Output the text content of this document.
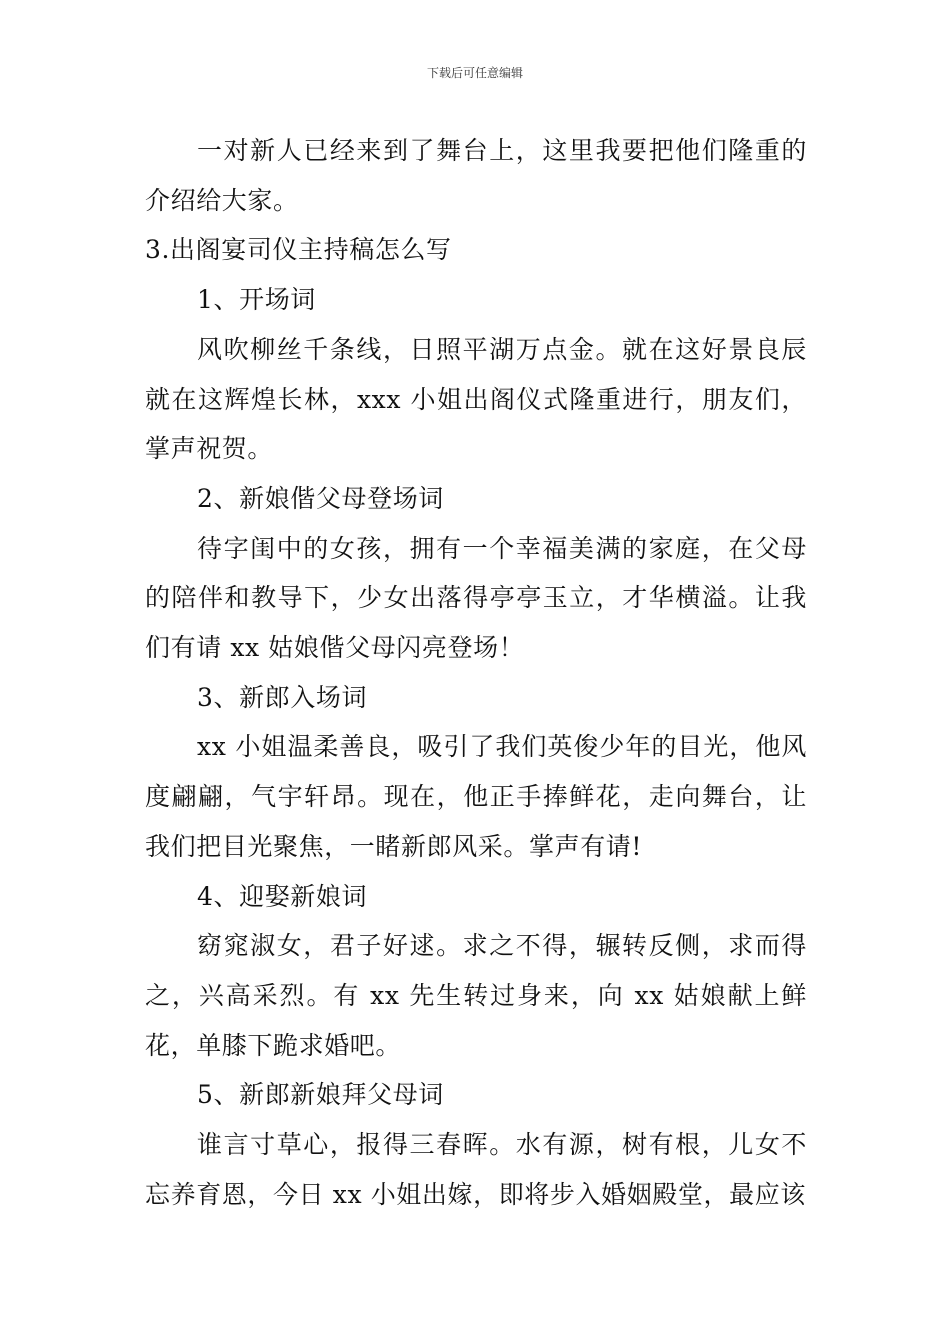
下载后可任意编辑

一对新人已经来到了舞台上，这里我要把他们隆重的介绍给大家。

3.出阁宴司仪主持稿怎么写

1、开场词

风吹柳丝千条线，日照平湖万点金。就在这好景良辰就在这辉煌长林，xxx 小姐出阁仪式隆重进行，朋友们，掌声祝贺。

2、新娘偕父母登场词

待字闺中的女孩，拥有一个幸福美满的家庭，在父母的陪伴和教导下，少女出落得亭亭玉立，才华横溢。让我们有请 xx 姑娘偕父母闪亮登场！

3、新郎入场词

xx 小姐温柔善良，吸引了我们英俊少年的目光，他风度翩翩，气宇轩昂。现在，他正手捧鲜花，走向舞台，让我们把目光聚焦，一睹新郎风采。掌声有请!

4、迎娶新娘词

窈窕淑女，君子好逑。求之不得，辗转反侧，求而得之，兴高采烈。有 xx 先生转过身来，向 xx 姑娘献上鲜花，单膝下跪求婚吧。

5、新郎新娘拜父母词

谁言寸草心，报得三春晖。水有源，树有根，儿女不忘养育恩，今日 xx 小姐出嫁，即将步入婚姻殿堂，最应该
